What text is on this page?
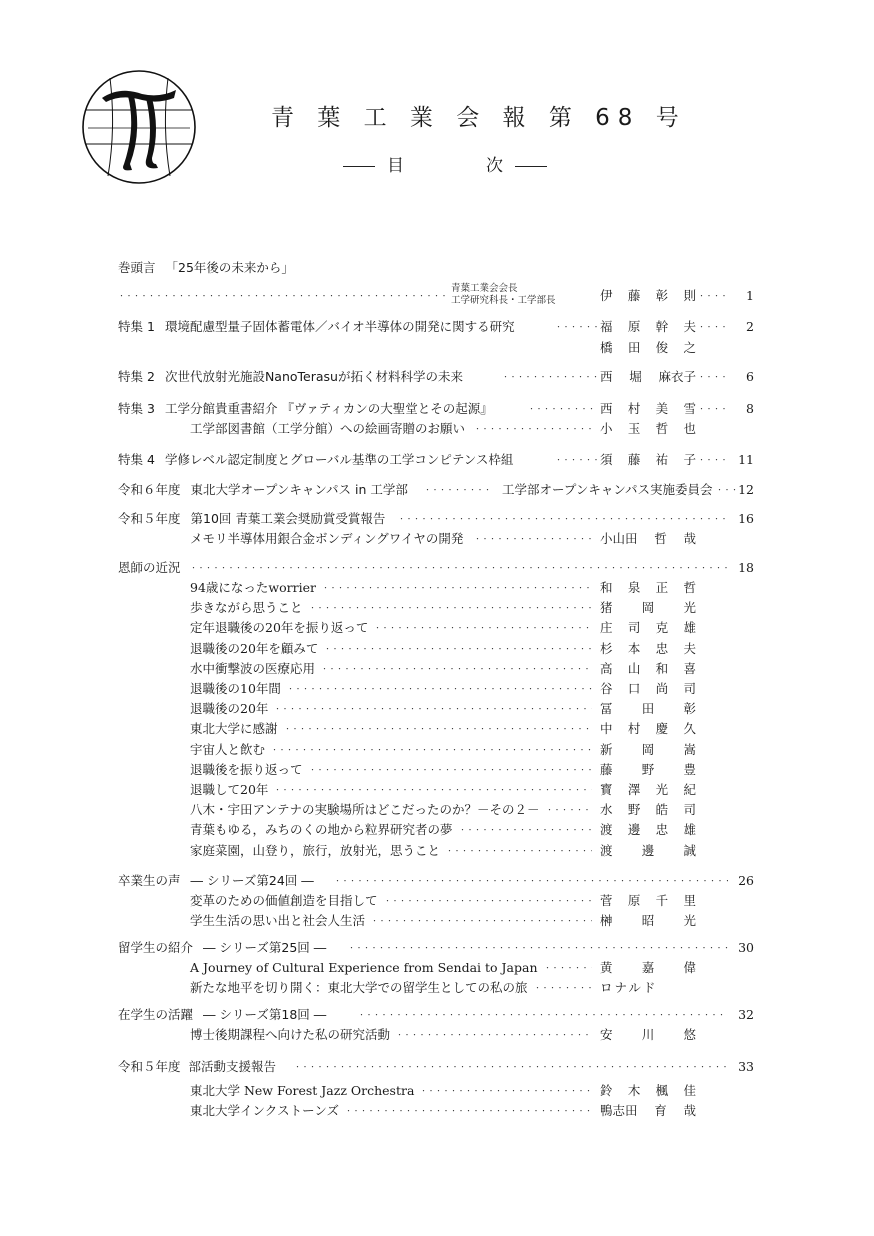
青 葉 工 業 会 報 第 68 号
目	次
巻頭言 「25年後の未来から」
・・・・・・・・・・・・・・・・・・・・・・・・・・・・・・・・・・・・・・・・・・・・・・・・・・・・・・・・・・・・・・・・・・・・・・・・・・・・・・・・・・・・・・・・・・・・・・・・・・・・
青葉工業会会長
工学研究科長・工学部長	伊 藤 彰 則 ・・・・・・・・・・・・・・・・・・・・・・・・・・・・・・・・・・・・・・・・・・・・・・・・・・・・・・・・・・・・・・・・・・・・・・・・・・・・・・・・・・・・・・・・・・・・・・・・・・・・	1
特集 1 環境配慮型量子固体蓄電体／バイオ半導体の開発に関する研究 ・・・・・・・・・・・・・・・・・・・・・・・・・・・・・・・・・・・・・・・・・・・・・・・・・・・・・・・・・・・・・・・・・・・・・・・・・・・・・・・・・・・・・・・・・・・・・・・・・・・・	福 原 幹 夫 ・・・・・・・・・・・・・・・・・・・・・・・・・・・・・・・・・・・・・・・・・・・・・・・・・・・・・・・・・・・・・・・・・・・・・・・・・・・・・・・・・・・・・・・・・・・・・・・・・・・・	2
橋 田 俊 之
特集 2 次世代放射光施設NanoTerasuが拓く材料科学の未来 ・・・・・・・・・・・・・・・・・・・・・・・・・・・・・・・・・・・・・・・・・・・・・・・・・・・・・・・・・・・・・・・・・・・・・・・・・・・・・・・・・・・・・・・・・・・・・・・・・・・・	西 堀 麻衣子 ・・・・・・・・・・・・・・・・・・・・・・・・・・・・・・・・・・・・・・・・・・・・・・・・・・・・・・・・・・・・・・・・・・・・・・・・・・・・・・・・・・・・・・・・・・・・・・・・・・・・	6
特集 3 工学分館貴重書紹介 『ヴァティカンの大聖堂とその起源』 ・・・・・・・・・・・・・・・・・・・・・・・・・・・・・・・・・・・・・・・・・・・・・・・・・・・・・・・・・・・・・・・・・・・・・・・・・・・・・・・・・・・・・・・・・・・・・・・・・・・・	西 村 美 雪 ・・・・・・・・・・・・・・・・・・・・・・・・・・・・・・・・・・・・・・・・・・・・・・・・・・・・・・・・・・・・・・・・・・・・・・・・・・・・・・・・・・・・・・・・・・・・・・・・・・・・	8
工学部図書館（工学分館）への絵画寄贈のお願い ・・・・・・・・・・・・・・・・・・・・・・・・・・・・・・・・・・・・・・・・・・・・・・・・・・・・・・・・・・・・・・・・・・・・・・・・・・・・・・・・・・・・・・・・・・・・・・・・・・・・	小 玉 哲 也
特集 4 学修レベル認定制度とグローバル基準の工学コンピテンス枠組 ・・・・・・・・・・・・・・・・・・・・・・・・・・・・・・・・・・・・・・・・・・・・・・・・・・・・・・・・・・・・・・・・・・・・・・・・・・・・・・・・・・・・・・・・・・・・・・・・・・・・	須 藤 祐 子 ・・・・・・・・・・・・・・・・・・・・・・・・・・・・・・・・・・・・・・・・・・・・・・・・・・・・・・・・・・・・・・・・・・・・・・・・・・・・・・・・・・・・・・・・・・・・・・・・・・・・	11
令和６年度 東北大学オープンキャンパス in 工学部 ・・・・・・・・・・・・・・・・・・・・・・・・・・・・・・・・・・・・・・・・・・・・・・・・・・・・・・・・・・・・・・・・・・・・・・・・・・・・・・・・・・・・・・・・・・・・・・・・・・・・	工学部オープンキャンパス実施委員会 ・・・・・・・・・・・・・・・・・・・・・・・・・・・・・・・・・・・・・・・・・・・・・・・・・・・・・・・・・・・・・・・・・・・・・・・・・・・・・・・・・・・・・・・・・・・・・・・・・・・・	12
令和５年度 第10回 青葉工業会奨励賞受賞報告 ・・・・・・・・・・・・・・・・・・・・・・・・・・・・・・・・・・・・・・・・・・・・・・・・・・・・・・・・・・・・・・・・・・・・・・・・・・・・・・・・・・・・・・・・・・・・・・・・・・・・	16
メモリ半導体用銀合金ボンディングワイヤの開発 ・・・・・・・・・・・・・・・・・・・・・・・・・・・・・・・・・・・・・・・・・・・・・・・・・・・・・・・・・・・・・・・・・・・・・・・・・・・・・・・・・・・・・・・・・・・・・・・・・・・・	小山田 哲 哉
恩師の近況 ・・・・・・・・・・・・・・・・・・・・・・・・・・・・・・・・・・・・・・・・・・・・・・・・・・・・・・・・・・・・・・・・・・・・・・・・・・・・・・・・・・・・・・・・・・・・・・・・・・・・	18
94歳になったworrier ・・・・・・・・・・・・・・・・・・・・・・・・・・・・・・・・・・・・・・・・・・・・・・・・・・・・・・・・・・・・・・・・・・・・・・・・・・・・・・・・・・・・・・・・・・・・・・・・・・・・	和 泉 正 哲
歩きながら思うこと ・・・・・・・・・・・・・・・・・・・・・・・・・・・・・・・・・・・・・・・・・・・・・・・・・・・・・・・・・・・・・・・・・・・・・・・・・・・・・・・・・・・・・・・・・・・・・・・・・・・・	猪 岡 光
定年退職後の20年を振り返って ・・・・・・・・・・・・・・・・・・・・・・・・・・・・・・・・・・・・・・・・・・・・・・・・・・・・・・・・・・・・・・・・・・・・・・・・・・・・・・・・・・・・・・・・・・・・・・・・・・・・	庄 司 克 雄
退職後の20年を顧みて ・・・・・・・・・・・・・・・・・・・・・・・・・・・・・・・・・・・・・・・・・・・・・・・・・・・・・・・・・・・・・・・・・・・・・・・・・・・・・・・・・・・・・・・・・・・・・・・・・・・・	杉 本 忠 夫
水中衝撃波の医療応用 ・・・・・・・・・・・・・・・・・・・・・・・・・・・・・・・・・・・・・・・・・・・・・・・・・・・・・・・・・・・・・・・・・・・・・・・・・・・・・・・・・・・・・・・・・・・・・・・・・・・・	高 山 和 喜
退職後の10年間 ・・・・・・・・・・・・・・・・・・・・・・・・・・・・・・・・・・・・・・・・・・・・・・・・・・・・・・・・・・・・・・・・・・・・・・・・・・・・・・・・・・・・・・・・・・・・・・・・・・・・	谷 口 尚 司
退職後の20年 ・・・・・・・・・・・・・・・・・・・・・・・・・・・・・・・・・・・・・・・・・・・・・・・・・・・・・・・・・・・・・・・・・・・・・・・・・・・・・・・・・・・・・・・・・・・・・・・・・・・・	冨 田 彰
東北大学に感謝 ・・・・・・・・・・・・・・・・・・・・・・・・・・・・・・・・・・・・・・・・・・・・・・・・・・・・・・・・・・・・・・・・・・・・・・・・・・・・・・・・・・・・・・・・・・・・・・・・・・・・	中 村 慶 久
宇宙人と飲む ・・・・・・・・・・・・・・・・・・・・・・・・・・・・・・・・・・・・・・・・・・・・・・・・・・・・・・・・・・・・・・・・・・・・・・・・・・・・・・・・・・・・・・・・・・・・・・・・・・・・	新 岡 嵩
退職後を振り返って ・・・・・・・・・・・・・・・・・・・・・・・・・・・・・・・・・・・・・・・・・・・・・・・・・・・・・・・・・・・・・・・・・・・・・・・・・・・・・・・・・・・・・・・・・・・・・・・・・・・・	藤 野 豊
退職して20年 ・・・・・・・・・・・・・・・・・・・・・・・・・・・・・・・・・・・・・・・・・・・・・・・・・・・・・・・・・・・・・・・・・・・・・・・・・・・・・・・・・・・・・・・・・・・・・・・・・・・・	寳 澤 光 紀
八木・宇田アンテナの実験場所はどこだったのか？－その２－ ・・・・・・・・・・・・・・・・・・・・・・・・・・・・・・・・・・・・・・・・・・・・・・・・・・・・・・・・・・・・・・・・・・・・・・・・・・・・・・・・・・・・・・・・・・・・・・・・・・・・	水 野 皓 司
青葉もゆる，みちのくの地から粒界研究者の夢 ・・・・・・・・・・・・・・・・・・・・・・・・・・・・・・・・・・・・・・・・・・・・・・・・・・・・・・・・・・・・・・・・・・・・・・・・・・・・・・・・・・・・・・・・・・・・・・・・・・・・	渡 邊 忠 雄
家庭菜園，山登り，旅行，放射光，思うこと ・・・・・・・・・・・・・・・・・・・・・・・・・・・・・・・・・・・・・・・・・・・・・・・・・・・・・・・・・・・・・・・・・・・・・・・・・・・・・・・・・・・・・・・・・・・・・・・・・・・・	渡 邊 誠
卒業生の声 ― シリーズ第24回 ― ・・・・・・・・・・・・・・・・・・・・・・・・・・・・・・・・・・・・・・・・・・・・・・・・・・・・・・・・・・・・・・・・・・・・・・・・・・・・・・・・・・・・・・・・・・・・・・・・・・・・	26
変革のための価値創造を目指して ・・・・・・・・・・・・・・・・・・・・・・・・・・・・・・・・・・・・・・・・・・・・・・・・・・・・・・・・・・・・・・・・・・・・・・・・・・・・・・・・・・・・・・・・・・・・・・・・・・・・	菅 原 千 里
学生生活の思い出と社会人生活 ・・・・・・・・・・・・・・・・・・・・・・・・・・・・・・・・・・・・・・・・・・・・・・・・・・・・・・・・・・・・・・・・・・・・・・・・・・・・・・・・・・・・・・・・・・・・・・・・・・・・	榊 昭 光
留学生の紹介 ― シリーズ第25回 ― ・・・・・・・・・・・・・・・・・・・・・・・・・・・・・・・・・・・・・・・・・・・・・・・・・・・・・・・・・・・・・・・・・・・・・・・・・・・・・・・・・・・・・・・・・・・・・・・・・・・・	30
A Journey of Cultural Experience from Sendai to Japan ・・・・・・・・・・・・・・・・・・・・・・・・・・・・・・・・・・・・・・・・・・・・・・・・・・・・・・・・・・・・・・・・・・・・・・・・・・・・・・・・・・・・・・・・・・・・・・・・・・・・	黄 嘉 偉
新たな地平を切り開く：東北大学での留学生としての私の旅 ・・・・・・・・・・・・・・・・・・・・・・・・・・・・・・・・・・・・・・・・・・・・・・・・・・・・・・・・・・・・・・・・・・・・・・・・・・・・・・・・・・・・・・・・・・・・・・・・・・・・	ロナルド
在学生の活躍 ― シリーズ第18回 ― ・・・・・・・・・・・・・・・・・・・・・・・・・・・・・・・・・・・・・・・・・・・・・・・・・・・・・・・・・・・・・・・・・・・・・・・・・・・・・・・・・・・・・・・・・・・・・・・・・・・・	32
博士後期課程へ向けた私の研究活動 ・・・・・・・・・・・・・・・・・・・・・・・・・・・・・・・・・・・・・・・・・・・・・・・・・・・・・・・・・・・・・・・・・・・・・・・・・・・・・・・・・・・・・・・・・・・・・・・・・・・・	安 川 悠
令和５年度 部活動支援報告 ・・・・・・・・・・・・・・・・・・・・・・・・・・・・・・・・・・・・・・・・・・・・・・・・・・・・・・・・・・・・・・・・・・・・・・・・・・・・・・・・・・・・・・・・・・・・・・・・・・・・	33
東北大学 New Forest Jazz Orchestra ・・・・・・・・・・・・・・・・・・・・・・・・・・・・・・・・・・・・・・・・・・・・・・・・・・・・・・・・・・・・・・・・・・・・・・・・・・・・・・・・・・・・・・・・・・・・・・・・・・・・	鈴 木 楓 佳
東北大学インクストーンズ ・・・・・・・・・・・・・・・・・・・・・・・・・・・・・・・・・・・・・・・・・・・・・・・・・・・・・・・・・・・・・・・・・・・・・・・・・・・・・・・・・・・・・・・・・・・・・・・・・・・・	鴨志田 育 哉
